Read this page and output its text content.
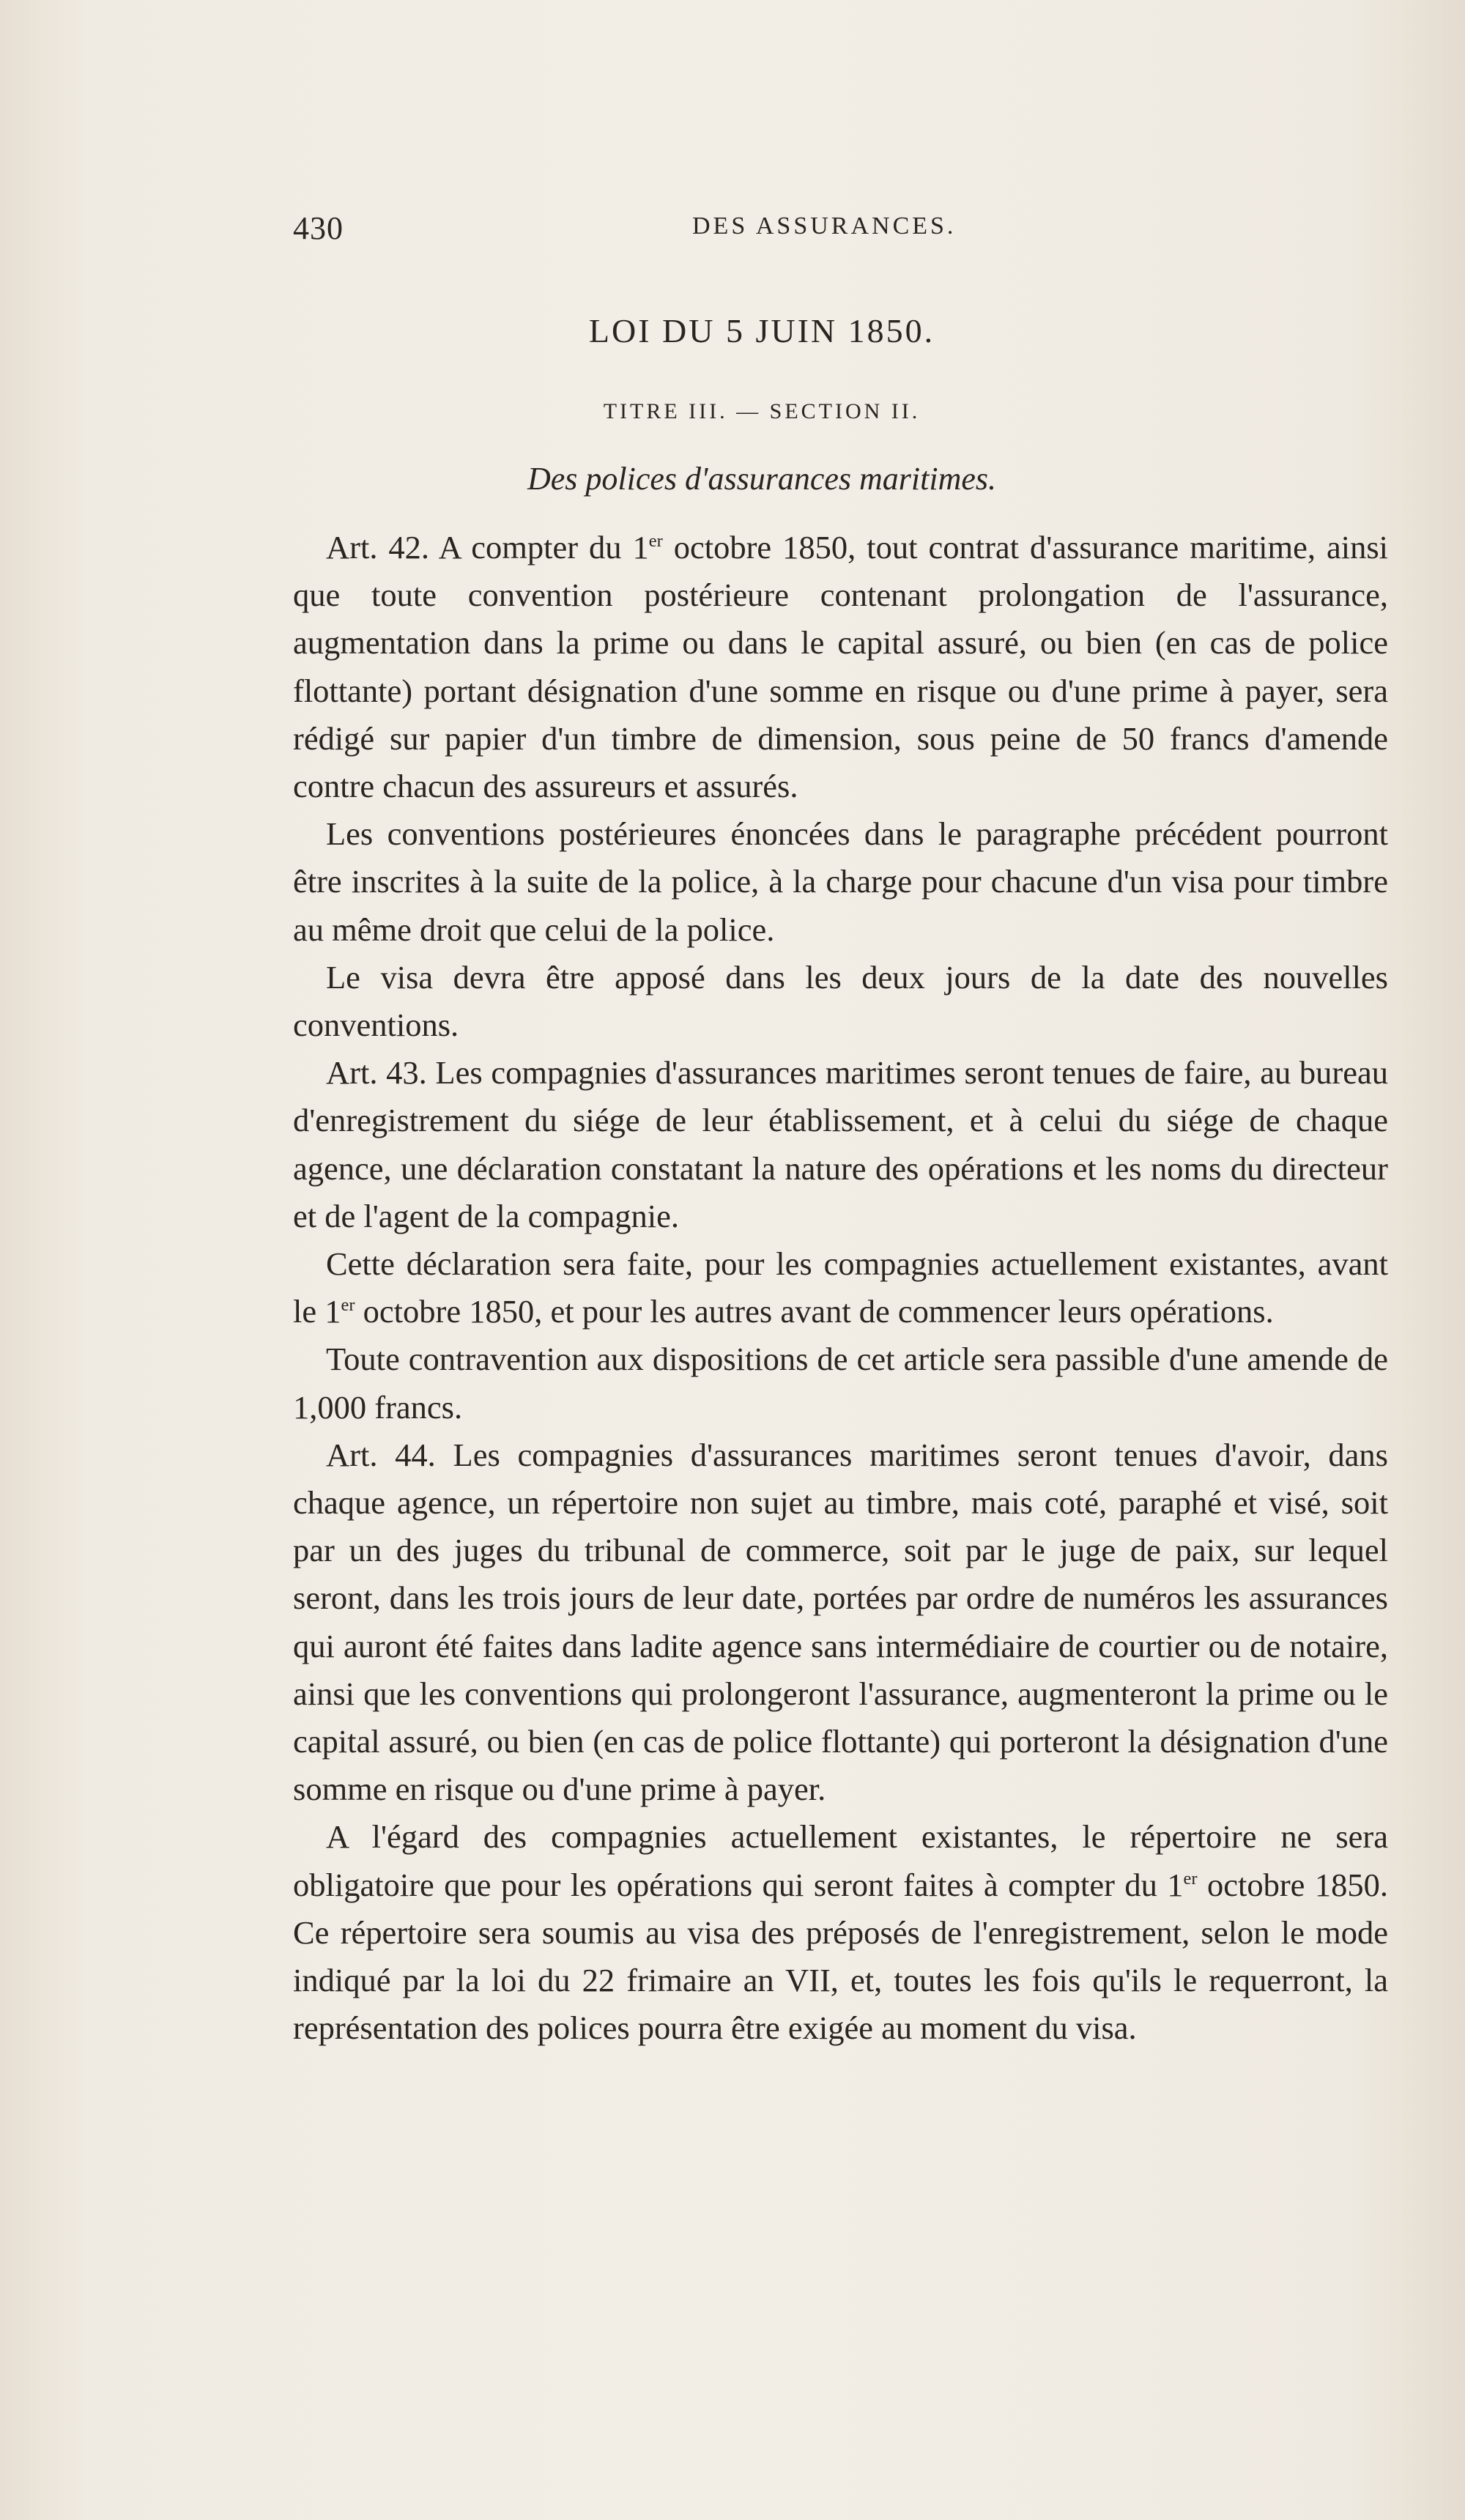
430	DES ASSURANCES.
LOI DU 5 JUIN 1850.
TITRE III. — SECTION II.
Des polices d'assurances maritimes.

Art. 42. A compter du 1er octobre 1850, tout contrat d'assurance maritime, ainsi que toute convention postérieure contenant prolongation de l'assurance, augmentation dans la prime ou dans le capital assuré, ou bien (en cas de police flottante) portant désignation d'une somme en risque ou d'une prime à payer, sera rédigé sur papier d'un timbre de dimension, sous peine de 50 francs d'amende contre chacun des assureurs et assurés.

Les conventions postérieures énoncées dans le paragraphe précédent pourront être inscrites à la suite de la police, à la charge pour chacune d'un visa pour timbre au même droit que celui de la police.

Le visa devra être apposé dans les deux jours de la date des nouvelles conventions.

Art. 43. Les compagnies d'assurances maritimes seront tenues de faire, au bureau d'enregistrement du siége de leur établissement, et à celui du siége de chaque agence, une déclaration constatant la nature des opérations et les noms du directeur et de l'agent de la compagnie.

Cette déclaration sera faite, pour les compagnies actuellement existantes, avant le 1er octobre 1850, et pour les autres avant de commencer leurs opérations.

Toute contravention aux dispositions de cet article sera passible d'une amende de 1,000 francs.

Art. 44. Les compagnies d'assurances maritimes seront tenues d'avoir, dans chaque agence, un répertoire non sujet au timbre, mais coté, paraphé et visé, soit par un des juges du tribunal de commerce, soit par le juge de paix, sur lequel seront, dans les trois jours de leur date, portées par ordre de numéros les assurances qui auront été faites dans ladite agence sans intermédiaire de courtier ou de notaire, ainsi que les conventions qui prolongeront l'assurance, augmenteront la prime ou le capital assuré, ou bien (en cas de police flottante) qui porteront la désignation d'une somme en risque ou d'une prime à payer.

A l'égard des compagnies actuellement existantes, le répertoire ne sera obligatoire que pour les opérations qui seront faites à compter du 1er octobre 1850. Ce répertoire sera soumis au visa des préposés de l'enregistrement, selon le mode indiqué par la loi du 22 frimaire an VII, et, toutes les fois qu'ils le requerront, la représentation des polices pourra être exigée au moment du visa.
